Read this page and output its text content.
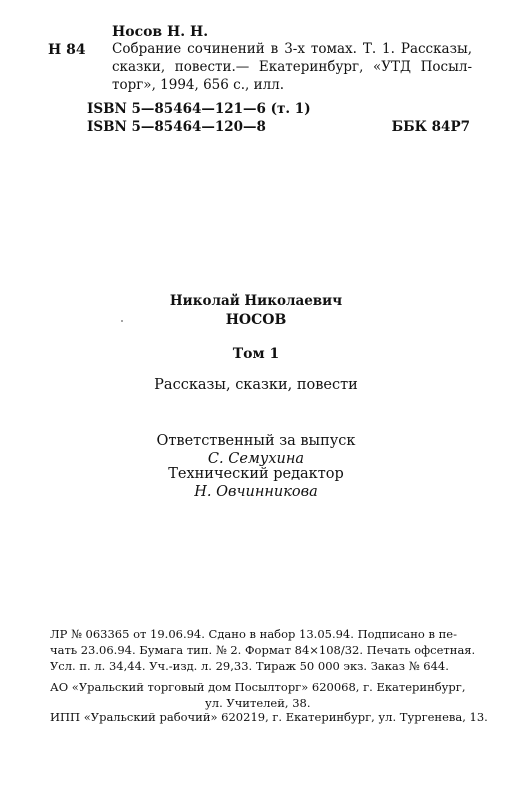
Носов Н. Н.
Н 84 Собрание сочинений в 3-х томах. Т. 1. Рассказы,
сказки, повести.— Екатеринбург, «УТД Посыл-
торг», 1994, 656 с., илл.
ISBN 5—85464—121—6 (т. 1)
ISBN 5—85464—120—8	ББК 84Р7
Николай Николаевич
НОСОВ
Том 1
Рассказы, сказки, повести
Ответственный за выпуск
С. Семухина
Технический редактор
Н. Овчинникова
ЛР № 063365 от 19.06.94. Сдано в набор 13.05.94. Подписано в пе-
чать 23.06.94. Бумага тип. № 2. Формат 84×108/32. Печать офсетная.
Усл. п. л. 34,44. Уч.-изд. л. 29,33. Тираж 50 000 экз. Заказ № 644.
АО «Уральский торговый дом Посылторг» 620068, г. Екатеринбург,
ул. Учителей, 38.
ИПП «Уральский рабочий» 620219, г. Екатеринбург, ул. Тургенева, 13.
